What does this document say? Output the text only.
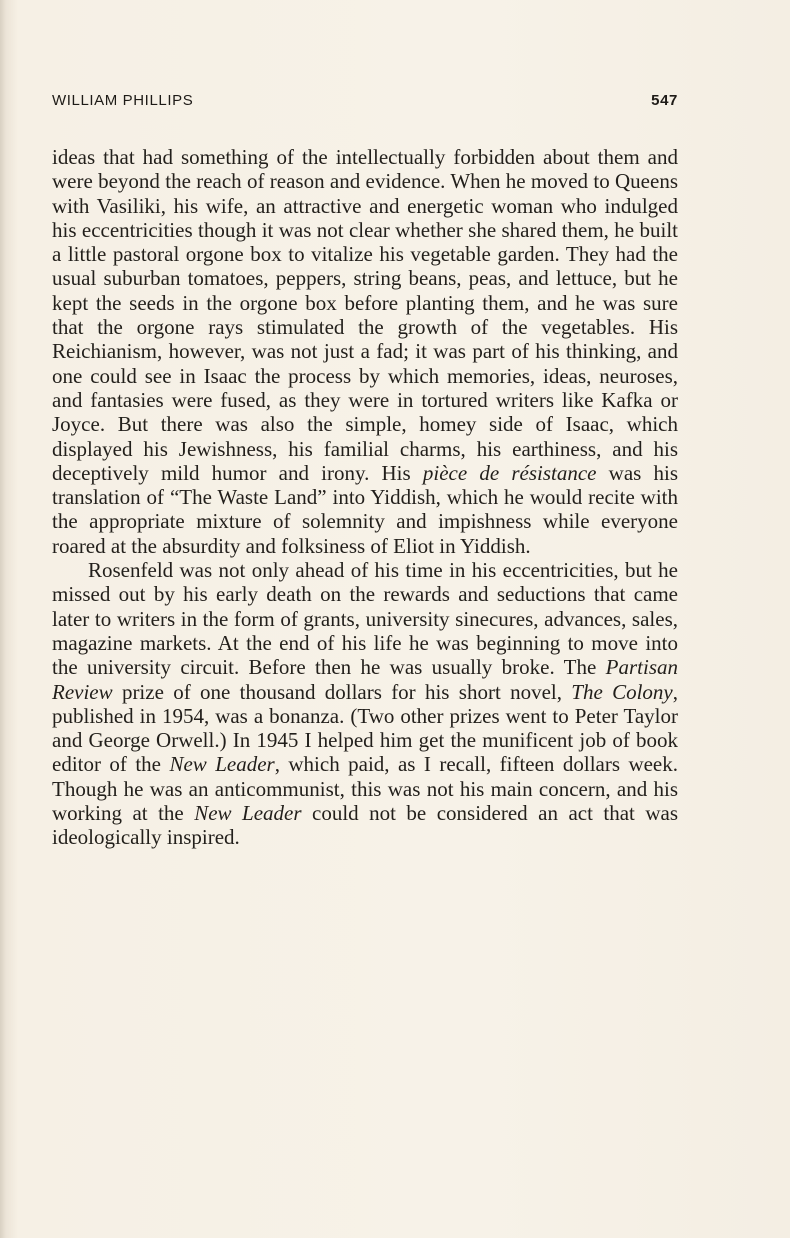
WILLIAM PHILLIPS	547

ideas that had something of the intellectually forbidden about them and were beyond the reach of reason and evidence. When he moved to Queens with Vasiliki, his wife, an attractive and energetic woman who indulged his eccentricities though it was not clear whether she shared them, he built a little pastoral orgone box to vitalize his vegetable garden. They had the usual suburban tomatoes, peppers, string beans, peas, and lettuce, but he kept the seeds in the orgone box before planting them, and he was sure that the orgone rays stimulated the growth of the vegetables. His Reichianism, however, was not just a fad; it was part of his thinking, and one could see in Isaac the process by which memories, ideas, neuroses, and fantasies were fused, as they were in tortured writers like Kafka or Joyce. But there was also the simple, homey side of Isaac, which displayed his Jewishness, his familial charms, his earthiness, and his deceptively mild humor and irony. His pièce de résistance was his translation of “The Waste Land” into Yiddish, which he would recite with the appropriate mixture of solemnity and impishness while everyone roared at the absurdity and folksiness of Eliot in Yiddish.

Rosenfeld was not only ahead of his time in his eccentricities, but he missed out by his early death on the rewards and seductions that came later to writers in the form of grants, university sinecures, advances, sales, magazine markets. At the end of his life he was beginning to move into the university circuit. Before then he was usually broke. The Partisan Review prize of one thousand dollars for his short novel, The Colony, published in 1954, was a bonanza. (Two other prizes went to Peter Taylor and George Orwell.) In 1945 I helped him get the munificent job of book editor of the New Leader, which paid, as I recall, fifteen dollars week. Though he was an anticommunist, this was not his main concern, and his working at the New Leader could not be considered an act that was ideologically inspired.
